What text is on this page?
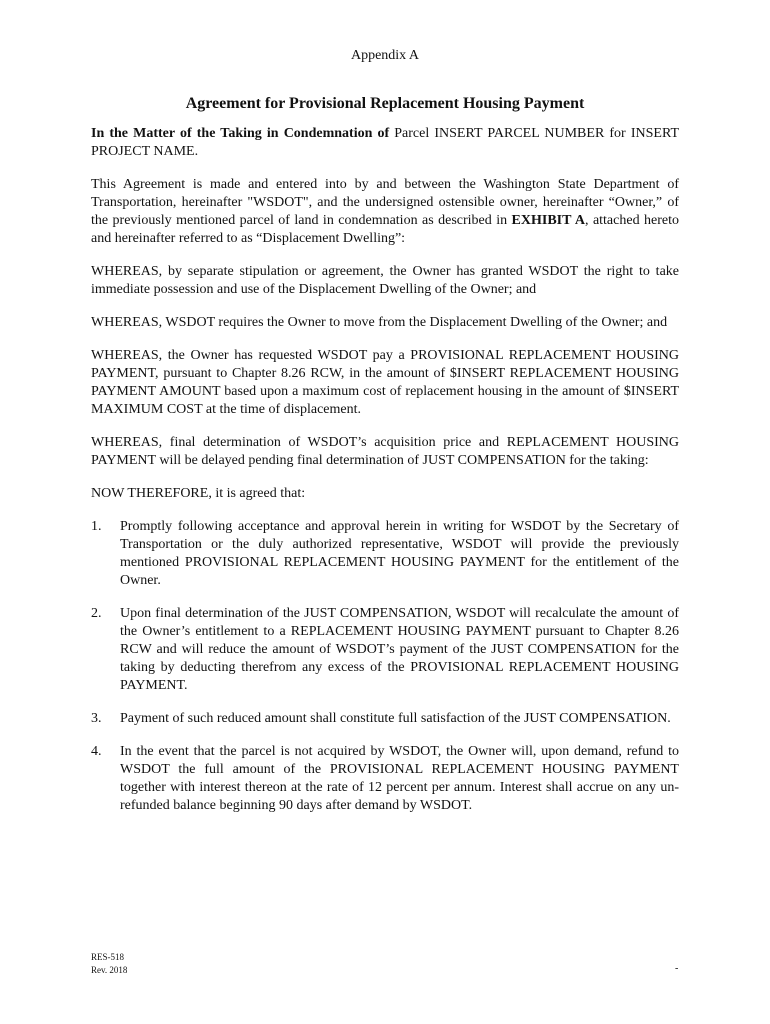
Appendix A
Agreement for Provisional Replacement Housing Payment

In the Matter of the Taking in Condemnation of Parcel INSERT PARCEL NUMBER for INSERT PROJECT NAME.

This Agreement is made and entered into by and between the Washington State Department of Transportation, hereinafter "WSDOT", and the undersigned ostensible owner, hereinafter “Owner,” of the previously mentioned parcel of land in condemnation as described in EXHIBIT A, attached hereto and hereinafter referred to as “Displacement Dwelling”:

WHEREAS, by separate stipulation or agreement, the Owner has granted WSDOT the right to take immediate possession and use of the Displacement Dwelling of the Owner; and

WHEREAS, WSDOT requires the Owner to move from the Displacement Dwelling of the Owner; and

WHEREAS, the Owner has requested WSDOT pay a PROVISIONAL REPLACEMENT HOUSING PAYMENT, pursuant to Chapter 8.26 RCW, in the amount of $INSERT REPLACEMENT HOUSING PAYMENT AMOUNT based upon a maximum cost of replacement housing in the amount of $INSERT MAXIMUM COST at the time of displacement.

WHEREAS, final determination of WSDOT’s acquisition price and REPLACEMENT HOUSING PAYMENT will be delayed pending final determination of JUST COMPENSATION for the taking:

NOW THEREFORE, it is agreed that:

1. Promptly following acceptance and approval herein in writing for WSDOT by the Secretary of Transportation or the duly authorized representative, WSDOT will provide the previously mentioned PROVISIONAL REPLACEMENT HOUSING PAYMENT for the entitlement of the Owner.
2. Upon final determination of the JUST COMPENSATION, WSDOT will recalculate the amount of the Owner’s entitlement to a REPLACEMENT HOUSING PAYMENT pursuant to Chapter 8.26 RCW and will reduce the amount of WSDOT’s payment of the JUST COMPENSATION for the taking by deducting therefrom any excess of the PROVISIONAL REPLACEMENT HOUSING PAYMENT.
3. Payment of such reduced amount shall constitute full satisfaction of the JUST COMPENSATION.
4. In the event that the parcel is not acquired by WSDOT, the Owner will, upon demand, refund to WSDOT the full amount of the PROVISIONAL REPLACEMENT HOUSING PAYMENT together with interest thereon at the rate of 12 percent per annum. Interest shall accrue on any un-refunded balance beginning 90 days after demand by WSDOT.
RES-518
Rev. 2018	-
